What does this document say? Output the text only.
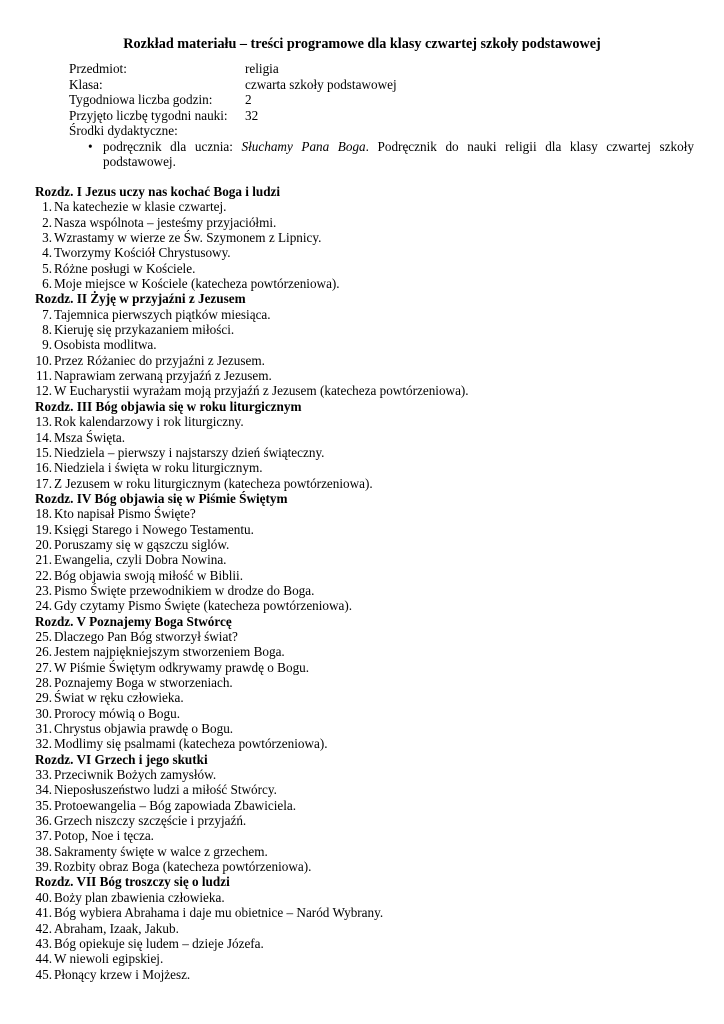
Rozkład materiału – treści programowe dla klasy czwartej szkoły podstawowej
Przedmiot:	religia
Klasa:	czwarta szkoły podstawowej
Tygodniowa liczba godzin: 2
Przyjęto liczbę tygodni nauki: 32
Środki dydaktyczne:
• podręcznik dla ucznia: Słuchamy Pana Boga. Podręcznik do nauki religii dla klasy czwartej szkoły
podstawowej.
Rozdz. I Jezus uczy nas kochać Boga i ludzi
1. Na katechezie w klasie czwartej.
2. Nasza wspólnota – jesteśmy przyjaciółmi.
3. Wzrastamy w wierze ze Św. Szymonem z Lipnicy.
4. Tworzymy Kościół Chrystusowy.
5. Różne posługi w Kościele.
6. Moje miejsce w Kościele (katecheza powtórzeniowa).
Rozdz. II Żyję w przyjaźni z Jezusem
7. Tajemnica pierwszych piątków miesiąca.
8. Kieruję się przykazaniem miłości.
9. Osobista modlitwa.
10. Przez Różaniec do przyjaźni z Jezusem.
11. Naprawiam zerwaną przyjaźń z Jezusem.
12. W Eucharystii wyrażam moją przyjaźń z Jezusem (katecheza powtórzeniowa).
Rozdz. III Bóg objawia się w roku liturgicznym
13. Rok kalendarzowy i rok liturgiczny.
14. Msza Święta.
15. Niedziela – pierwszy i najstarszy dzień świąteczny.
16. Niedziela i święta w roku liturgicznym.
17. Z Jezusem w roku liturgicznym (katecheza powtórzeniowa).
Rozdz. IV Bóg objawia się w Piśmie Świętym
18. Kto napisał Pismo Święte?
19. Księgi Starego i Nowego Testamentu.
20. Poruszamy się w gąszczu siglów.
21. Ewangelia, czyli Dobra Nowina.
22. Bóg objawia swoją miłość w Biblii.
23. Pismo Święte przewodnikiem w drodze do Boga.
24. Gdy czytamy Pismo Święte (katecheza powtórzeniowa).
Rozdz. V Poznajemy Boga Stwórcę
25. Dlaczego Pan Bóg stworzył świat?
26. Jestem najpiękniejszym stworzeniem Boga.
27. W Piśmie Świętym odkrywamy prawdę o Bogu.
28. Poznajemy Boga w stworzeniach.
29. Świat w ręku człowieka.
30. Prorocy mówią o Bogu.
31. Chrystus objawia prawdę o Bogu.
32. Modlimy się psalmami (katecheza powtórzeniowa).
Rozdz. VI Grzech i jego skutki
33. Przeciwnik Bożych zamysłów.
34. Nieposłuszeństwo ludzi a miłość Stwórcy.
35. Protoewangelia – Bóg zapowiada Zbawiciela.
36. Grzech niszczy szczęście i przyjaźń.
37. Potop, Noe i tęcza.
38. Sakramenty święte w walce z grzechem.
39. Rozbity obraz Boga (katecheza powtórzeniowa).
Rozdz. VII Bóg troszczy się o ludzi
40. Boży plan zbawienia człowieka.
41. Bóg wybiera Abrahama i daje mu obietnice – Naród Wybrany.
42. Abraham, Izaak, Jakub.
43. Bóg opiekuje się ludem – dzieje Józefa.
44. W niewoli egipskiej.
45. Płonący krzew i Mojżesz.
